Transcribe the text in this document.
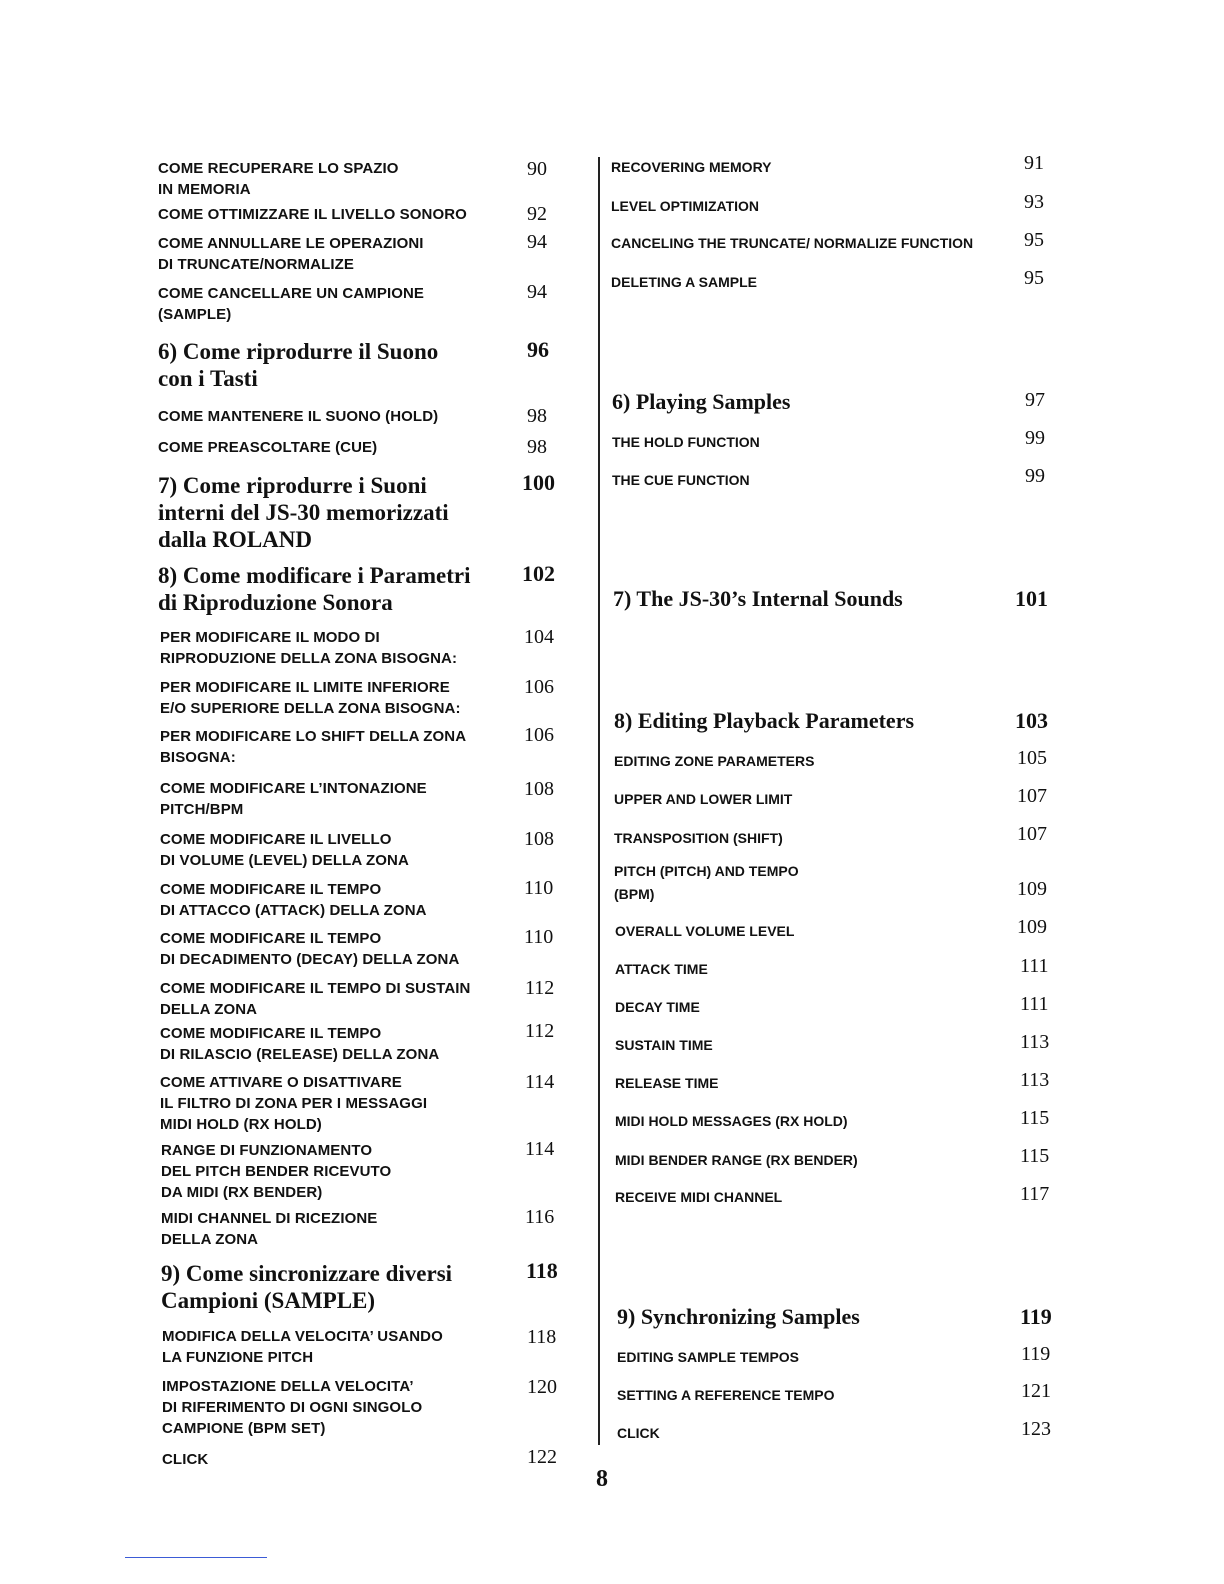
COME RECUPERARE LO SPAZIO
IN MEMORIA
90
COME OTTIMIZZARE IL LIVELLO SONORO	92
COME ANNULLARE LE OPERAZIONI
DI TRUNCATE/NORMALIZE
94
COME CANCELLARE UN CAMPIONE
(SAMPLE)
94
6) Come riprodurre il Suono
con i Tasti
96
COME MANTENERE IL SUONO (HOLD)	98
COME PREASCOLTARE (CUE)	98
7) Come riprodurre i Suoni
interni del JS-30 memorizzati
dalla ROLAND
100
8) Come modificare i Parametri
di Riproduzione Sonora
102
PER MODIFICARE IL MODO DI
RIPRODUZIONE DELLA ZONA BISOGNA:
104
PER MODIFICARE IL LIMITE INFERIORE
E/O SUPERIORE DELLA ZONA BISOGNA:
106
PER MODIFICARE LO SHIFT DELLA ZONA
BISOGNA:
106
COME MODIFICARE L’INTONAZIONE
PITCH/BPM
108
COME MODIFICARE IL LIVELLO
DI VOLUME (LEVEL) DELLA ZONA
108
COME MODIFICARE IL TEMPO
DI ATTACCO (ATTACK) DELLA ZONA
110
COME MODIFICARE IL TEMPO
DI DECADIMENTO (DECAY) DELLA ZONA
110
COME MODIFICARE IL TEMPO DI SUSTAIN
DELLA ZONA
112
COME MODIFICARE IL TEMPO
DI RILASCIO (RELEASE) DELLA ZONA
112
COME ATTIVARE O DISATTIVARE
IL FILTRO DI ZONA PER I MESSAGGI
MIDI HOLD (RX HOLD)
114
RANGE DI FUNZIONAMENTO
DEL PITCH BENDER RICEVUTO
DA MIDI (RX BENDER)
114
MIDI CHANNEL DI RICEZIONE
DELLA ZONA
116
9) Come sincronizzare diversi
Campioni (SAMPLE)
118
MODIFICA DELLA VELOCITA’ USANDO
LA FUNZIONE PITCH
118
IMPOSTAZIONE DELLA VELOCITA’
DI RIFERIMENTO DI OGNI SINGOLO
CAMPIONE (BPM SET)
120
CLICK	122
RECOVERING MEMORY	91
LEVEL OPTIMIZATION	93
CANCELING THE TRUNCATE/ NORMALIZE FUNCTION	95
DELETING A SAMPLE	95
6) Playing Samples	97
THE HOLD FUNCTION	99
THE CUE FUNCTION	99
7) The JS-30’s Internal Sounds	101
8) Editing Playback Parameters	103
EDITING ZONE PARAMETERS	105
UPPER AND LOWER LIMIT	107
TRANSPOSITION (SHIFT)	107
PITCH (PITCH) AND TEMPO
(BPM)	109
OVERALL VOLUME LEVEL	109
ATTACK TIME	111
DECAY TIME	111
SUSTAIN TIME	113
RELEASE TIME	113
MIDI HOLD MESSAGES (RX HOLD)	115
MIDI BENDER RANGE (RX BENDER)	115
RECEIVE MIDI CHANNEL	117
9) Synchronizing Samples	119
EDITING SAMPLE TEMPOS	119
SETTING A REFERENCE TEMPO	121
CLICK	123
8
